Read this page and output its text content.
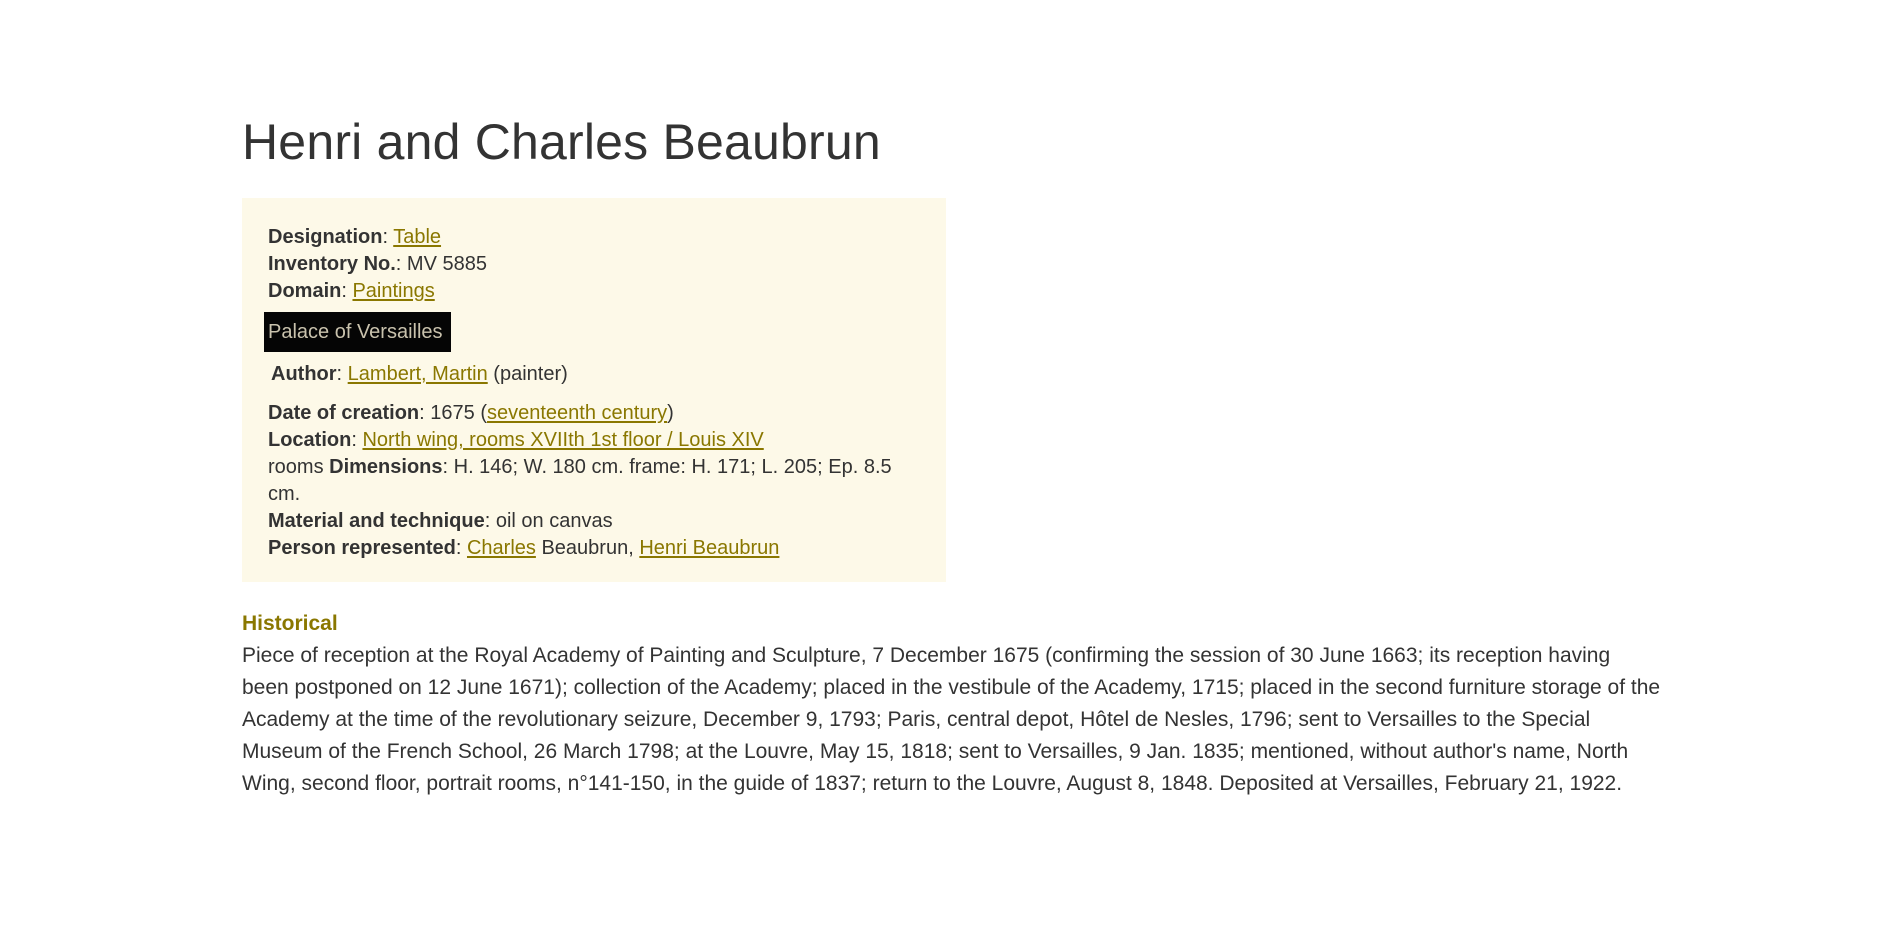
Henri and Charles Beaubrun
Designation: Table
Inventory No.: MV 5885
Domain: Paintings
Palace of Versailles
Author: Lambert, Martin (painter)
Date of creation: 1675 (seventeenth century)
Location: North wing, rooms XVIIth 1st floor / Louis XIV
rooms Dimensions: H. 146; W. 180 cm. frame: H. 171; L. 205; Ep. 8.5 cm.
Material and technique: oil on canvas
Person represented: Charles Beaubrun, Henri Beaubrun
Historical

Piece of reception at the Royal Academy of Painting and Sculpture, 7 December 1675 (confirming the session of 30 June 1663; its reception having been postponed on 12 June 1671); collection of the Academy; placed in the vestibule of the Academy, 1715; placed in the second furniture storage of the Academy at the time of the revolutionary seizure, December 9, 1793; Paris, central depot, Hôtel de Nesles, 1796; sent to Versailles to the Special Museum of the French School, 26 March 1798; at the Louvre, May 15, 1818; sent to Versailles, 9 Jan. 1835; mentioned, without author's name, North Wing, second floor, portrait rooms, n°141-150, in the guide of 1837; return to the Louvre, August 8, 1848. Deposited at Versailles, February 21, 1922.
